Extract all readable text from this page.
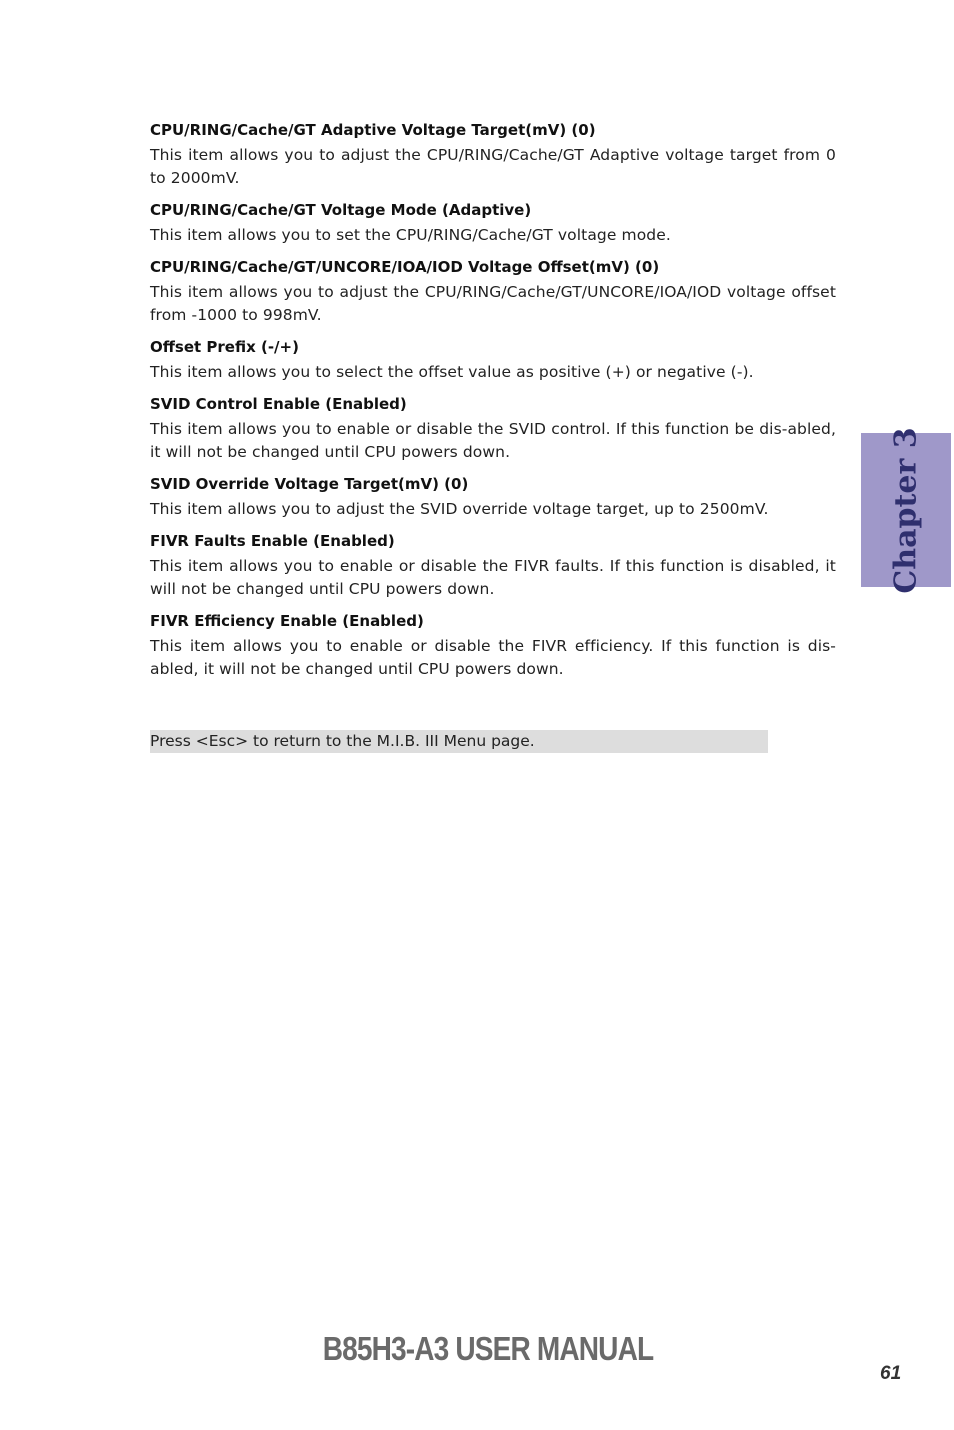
CPU/RING/Cache/GT Adaptive Voltage Target(mV) (0)

This item allows you to adjust the CPU/RING/Cache/GT Adaptive voltage target from 0 to 2000mV.

CPU/RING/Cache/GT Voltage Mode (Adaptive)

This item allows you to set the CPU/RING/Cache/GT voltage mode.

CPU/RING/Cache/GT/UNCORE/IOA/IOD Voltage Offset(mV) (0)

This item allows you to adjust the CPU/RING/Cache/GT/UNCORE/IOA/IOD voltage offset from -1000 to 998mV.

Offset Prefix (-/+)

This item allows you to select the offset value as positive (+) or negative (-).

SVID Control Enable (Enabled)

This item allows you to enable or disable the SVID control. If this function be dis-abled, it will not be changed until CPU powers down.

SVID Override Voltage Target(mV) (0)

This item allows you to adjust the SVID override voltage target, up to 2500mV.

FIVR Faults Enable (Enabled)

This item allows you to enable or disable the FIVR faults. If this function is disabled, it will not be changed until CPU powers down.

FIVR Efficiency Enable (Enabled)

This item allows you to enable or disable the FIVR efficiency. If this function is dis-abled, it will not be changed until CPU powers down.

Press <Esc> to return to the M.I.B. III Menu page.
Chapter 3
B85H3-A3 USER MANUAL
61
